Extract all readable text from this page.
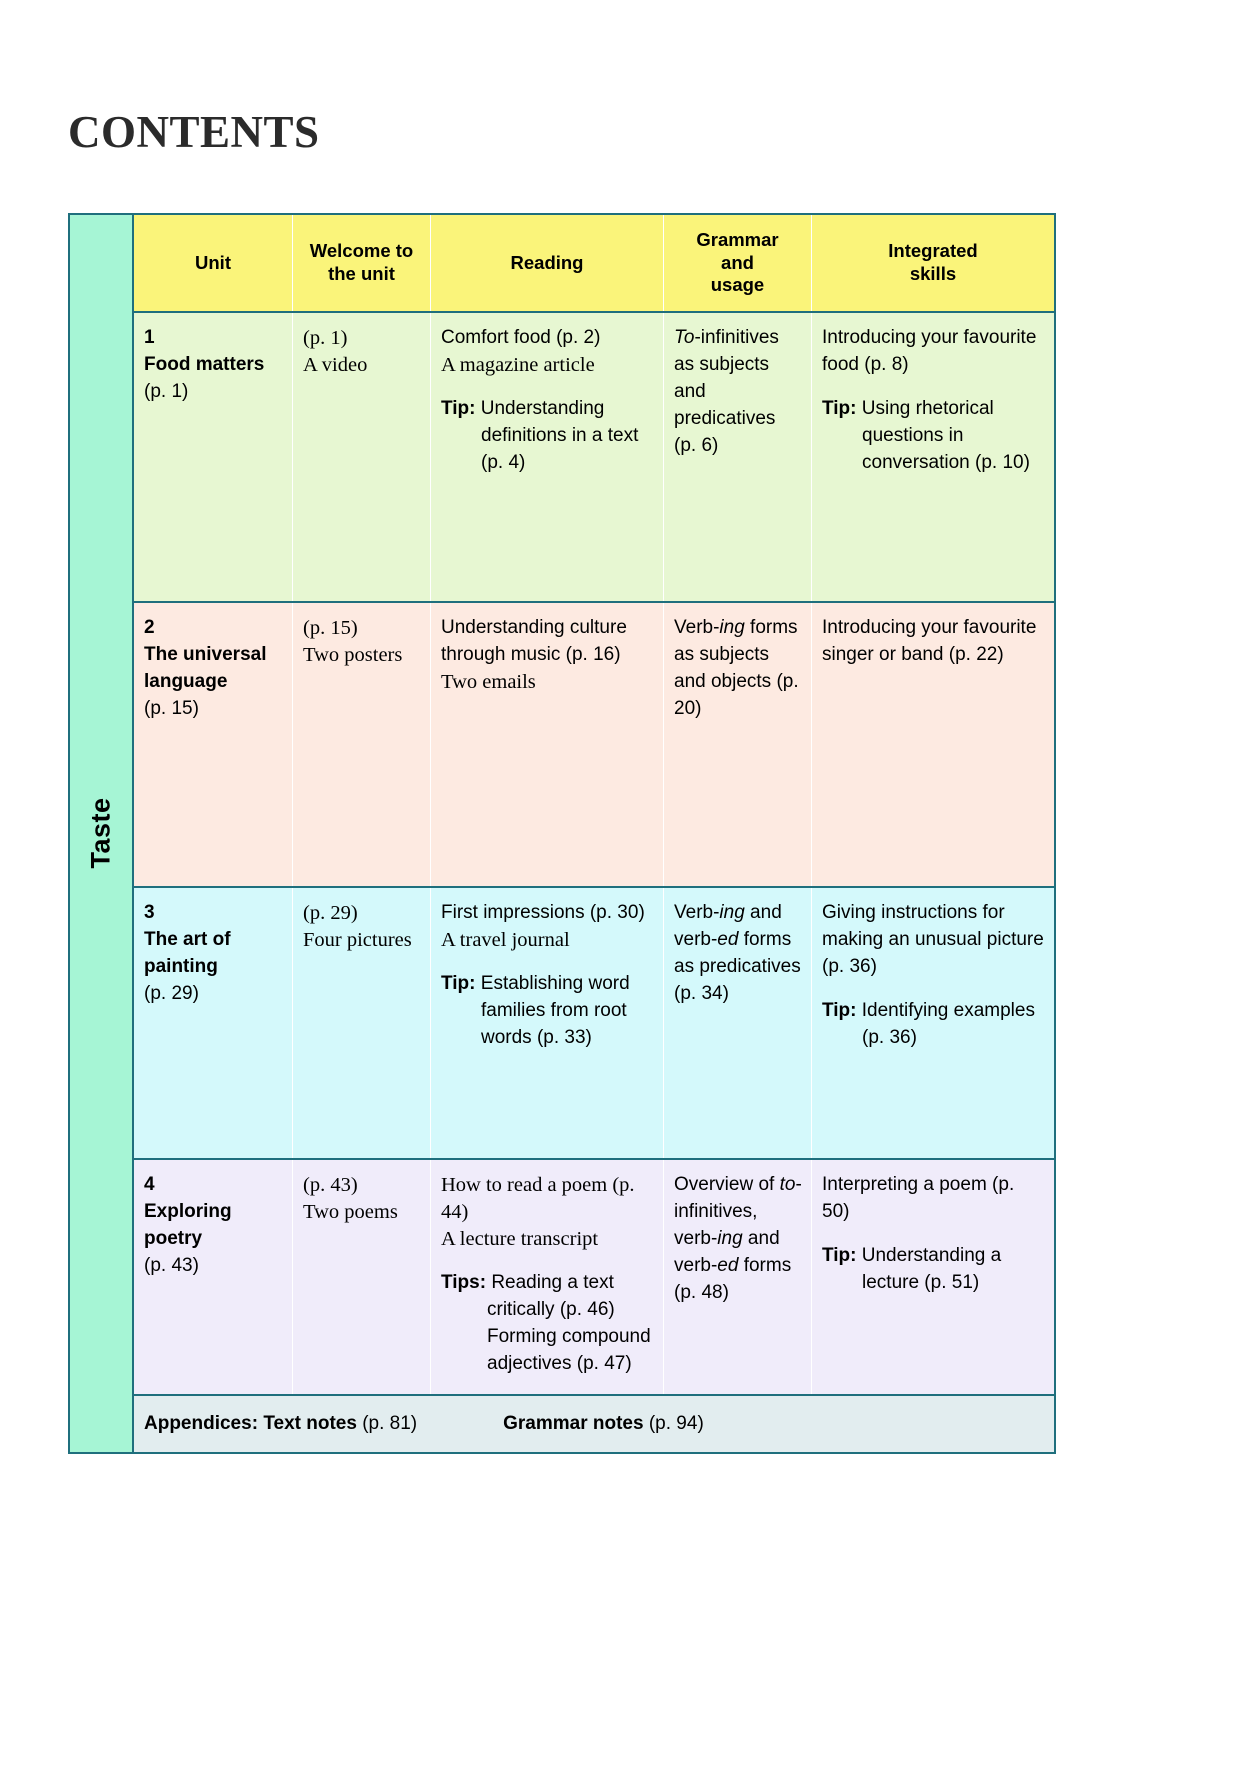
CONTENTS
Taste
Unit
Welcome to
the unit
Reading
Grammar
and
usage
Integrated
skills
1
Food matters
(p. 1)
(p. 1)
A video
Comfort food (p. 2)
A magazine article
Tip: Understanding definitions in a text (p. 4)
To-infinitives as subjects and predicatives (p. 6)
Introducing your favourite food (p. 8)
Tip: Using rhetorical questions in conversation (p. 10)
2
The universal
language
(p. 15)
(p. 15)
Two posters
Understanding culture through music (p. 16)
Two emails
Verb-ing forms as subjects and objects (p. 20)
Introducing your favourite singer or band (p. 22)
3
The art of
painting
(p. 29)
(p. 29)
Four pictures
First impressions (p. 30)
A travel journal
Tip: Establishing word families from root words (p. 33)
Verb-ing and verb-ed forms as predicatives (p. 34)
Giving instructions for making an unusual picture (p. 36)
Tip: Identifying examples (p. 36)
4
Exploring
poetry
(p. 43)
(p. 43)
Two poems
How to read a poem (p. 44)
A lecture transcript
Tips: Reading a text critically (p. 46) Forming compound adjectives (p. 47)
Overview of to-infinitives, verb-ing and verb-ed forms (p. 48)
Interpreting a poem (p. 50)
Tip: Understanding a lecture (p. 51)
Appendices: Text notes (p. 81)	Grammar notes (p. 94)
